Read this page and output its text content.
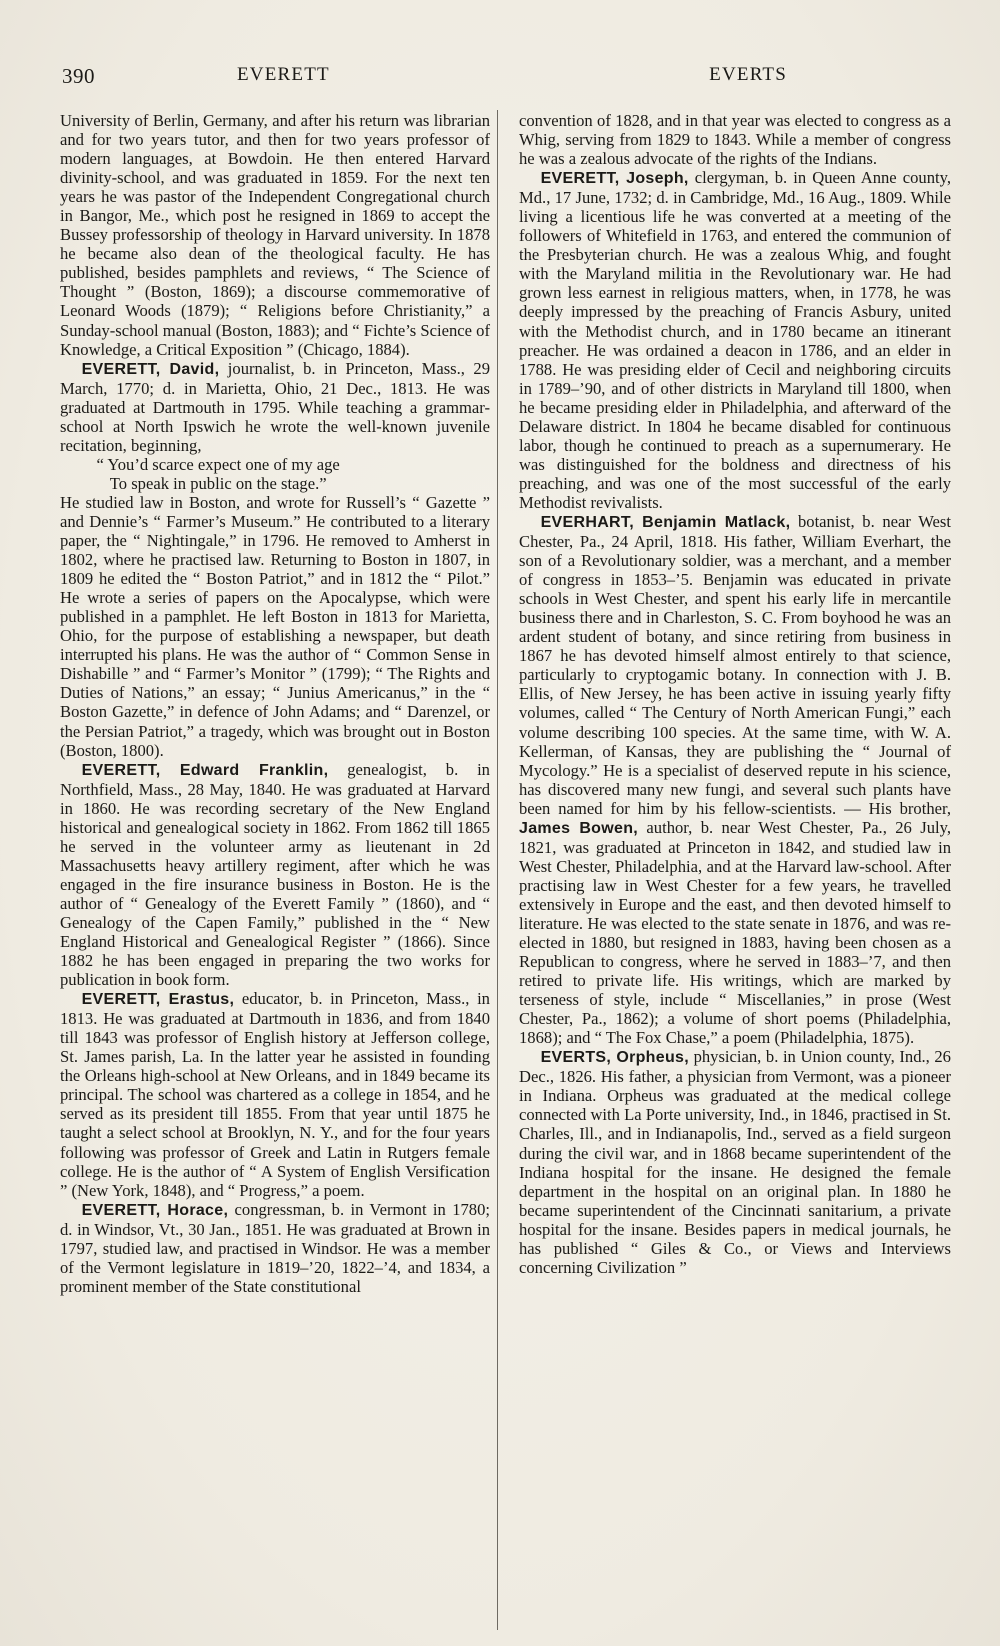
390	EVERETT	EVERTS

University of Berlin, Germany, and after his return was librarian and for two years tutor, and then for two years professor of modern languages, at Bowdoin. He then entered Harvard divinity-school, and was graduated in 1859. For the next ten years he was pastor of the Independent Congregational church in Bangor, Me., which post he resigned in 1869 to accept the Bussey professorship of theology in Harvard university. In 1878 he became also dean of the theological faculty. He has published, besides pamphlets and reviews, “ The Science of Thought ” (Boston, 1869); a discourse commemorative of Leonard Woods (1879); “ Religions before Christianity,” a Sunday-school manual (Boston, 1883); and “ Fichte’s Science of Knowledge, a Critical Exposition ” (Chicago, 1884).

EVERETT, David, journalist, b. in Princeton, Mass., 29 March, 1770; d. in Marietta, Ohio, 21 Dec., 1813. He was graduated at Dartmouth in 1795. While teaching a grammar-school at North Ipswich he wrote the well-known juvenile recitation, beginning,

“ You’d scarce expect one of my age

To speak in public on the stage.”

He studied law in Boston, and wrote for Russell’s “ Gazette ” and Dennie’s “ Farmer’s Museum.” He contributed to a literary paper, the “ Nightingale,” in 1796. He removed to Amherst in 1802, where he practised law. Returning to Boston in 1807, in 1809 he edited the “ Boston Patriot,” and in 1812 the “ Pilot.” He wrote a series of papers on the Apocalypse, which were published in a pamphlet. He left Boston in 1813 for Marietta, Ohio, for the purpose of establishing a newspaper, but death interrupted his plans. He was the author of “ Common Sense in Dishabille ” and “ Farmer’s Monitor ” (1799); “ The Rights and Duties of Nations,” an essay; “ Junius Americanus,” in the “ Boston Gazette,” in defence of John Adams; and “ Darenzel, or the Persian Patriot,” a tragedy, which was brought out in Boston (Boston, 1800).

EVERETT, Edward Franklin, genealogist, b. in Northfield, Mass., 28 May, 1840. He was graduated at Harvard in 1860. He was recording secretary of the New England historical and genealogical society in 1862. From 1862 till 1865 he served in the volunteer army as lieutenant in 2d Massachusetts heavy artillery regiment, after which he was engaged in the fire insurance business in Boston. He is the author of “ Genealogy of the Everett Family ” (1860), and “ Genealogy of the Capen Family,” published in the “ New England Historical and Genealogical Register ” (1866). Since 1882 he has been engaged in preparing the two works for publication in book form.

EVERETT, Erastus, educator, b. in Princeton, Mass., in 1813. He was graduated at Dartmouth in 1836, and from 1840 till 1843 was professor of English history at Jefferson college, St. James parish, La. In the latter year he assisted in founding the Orleans high-school at New Orleans, and in 1849 became its principal. The school was chartered as a college in 1854, and he served as its president till 1855. From that year until 1875 he taught a select school at Brooklyn, N. Y., and for the four years following was professor of Greek and Latin in Rutgers female college. He is the author of “ A System of English Versification ” (New York, 1848), and “ Progress,” a poem.

EVERETT, Horace, congressman, b. in Vermont in 1780; d. in Windsor, Vt., 30 Jan., 1851. He was graduated at Brown in 1797, studied law, and practised in Windsor. He was a member of the Vermont legislature in 1819–’20, 1822–’4, and 1834, a prominent member of the State constitutional

convention of 1828, and in that year was elected to congress as a Whig, serving from 1829 to 1843. While a member of congress he was a zealous advocate of the rights of the Indians.

EVERETT, Joseph, clergyman, b. in Queen Anne county, Md., 17 June, 1732; d. in Cambridge, Md., 16 Aug., 1809. While living a licentious life he was converted at a meeting of the followers of Whitefield in 1763, and entered the communion of the Presbyterian church. He was a zealous Whig, and fought with the Maryland militia in the Revolutionary war. He had grown less earnest in religious matters, when, in 1778, he was deeply impressed by the preaching of Francis Asbury, united with the Methodist church, and in 1780 became an itinerant preacher. He was ordained a deacon in 1786, and an elder in 1788. He was presiding elder of Cecil and neighboring circuits in 1789–’90, and of other districts in Maryland till 1800, when he became presiding elder in Philadelphia, and afterward of the Delaware district. In 1804 he became disabled for continuous labor, though he continued to preach as a supernumerary. He was distinguished for the boldness and directness of his preaching, and was one of the most successful of the early Methodist revivalists.

EVERHART, Benjamin Matlack, botanist, b. near West Chester, Pa., 24 April, 1818. His father, William Everhart, the son of a Revolutionary soldier, was a merchant, and a member of congress in 1853–’5. Benjamin was educated in private schools in West Chester, and spent his early life in mercantile business there and in Charleston, S. C. From boyhood he was an ardent student of botany, and since retiring from business in 1867 he has devoted himself almost entirely to that science, particularly to cryptogamic botany. In connection with J. B. Ellis, of New Jersey, he has been active in issuing yearly fifty volumes, called “ The Century of North American Fungi,” each volume describing 100 species. At the same time, with W. A. Kellerman, of Kansas, they are publishing the “ Journal of Mycology.” He is a specialist of deserved repute in his science, has discovered many new fungi, and several such plants have been named for him by his fellow-scientists. — His brother, James Bowen, author, b. near West Chester, Pa., 26 July, 1821, was graduated at Princeton in 1842, and studied law in West Chester, Philadelphia, and at the Harvard law-school. After practising law in West Chester for a few years, he travelled extensively in Europe and the east, and then devoted himself to literature. He was elected to the state senate in 1876, and was re-elected in 1880, but resigned in 1883, having been chosen as a Republican to congress, where he served in 1883–’7, and then retired to private life. His writings, which are marked by terseness of style, include “ Miscellanies,” in prose (West Chester, Pa., 1862); a volume of short poems (Philadelphia, 1868); and “ The Fox Chase,” a poem (Philadelphia, 1875).

EVERTS, Orpheus, physician, b. in Union county, Ind., 26 Dec., 1826. His father, a physician from Vermont, was a pioneer in Indiana. Orpheus was graduated at the medical college connected with La Porte university, Ind., in 1846, practised in St. Charles, Ill., and in Indianapolis, Ind., served as a field surgeon during the civil war, and in 1868 became superintendent of the Indiana hospital for the insane. He designed the female department in the hospital on an original plan. In 1880 he became superintendent of the Cincinnati sanitarium, a private hospital for the insane. Besides papers in medical journals, he has published “ Giles & Co., or Views and Interviews concerning Civilization ”
